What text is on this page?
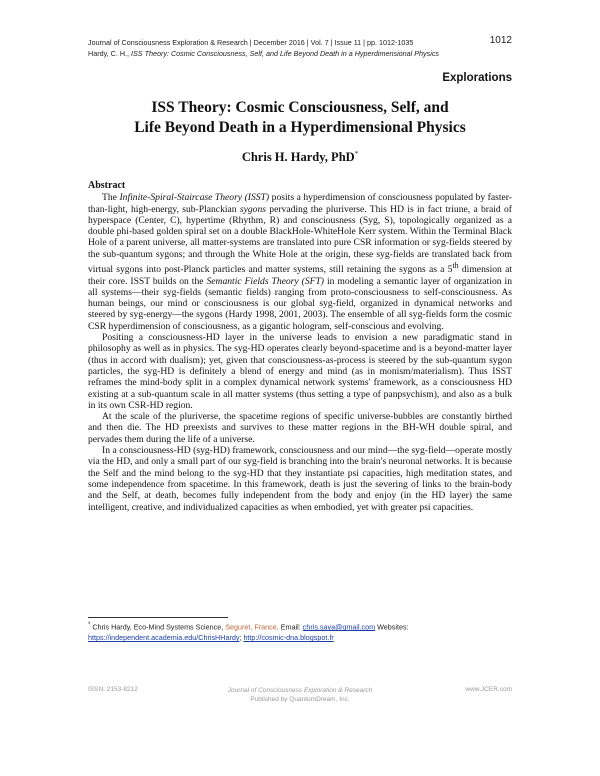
Journal of Consciousness Exploration & Research | December 2016 | Vol. 7 | Issue 11 | pp. 1012-1035
Hardy, C. H., ISS Theory: Cosmic Consciousness, Self, and Life Beyond Death in a Hyperdimensional Physics
1012
Explorations
ISS Theory: Cosmic Consciousness, Self, and
Life Beyond Death in a Hyperdimensional Physics
Chris H. Hardy, PhD*
Abstract

The Infinite-Spiral-Staircase Theory (ISST) posits a hyperdimension of consciousness populated by faster-than-light, high-energy, sub-Planckian sygons pervading the pluriverse. This HD is in fact triune, a braid of hyperspace (Center, C), hypertime (Rhythm, R) and consciousness (Syg, S), topologically organized as a double phi-based golden spiral set on a double BlackHole-WhiteHole Kerr system. Within the Terminal Black Hole of a parent universe, all matter-systems are translated into pure CSR information or syg-fields steered by the sub-quantum sygons; and through the White Hole at the origin, these syg-fields are translated back from virtual sygons into post-Planck particles and matter systems, still retaining the sygons as a 5th dimension at their core. ISST builds on the Semantic Fields Theory (SFT) in modeling a semantic layer of organization in all systems—their syg-fields (semantic fields) ranging from proto-consciousness to self-consciousness. As human beings, our mind or consciousness is our global syg-field, organized in dynamical networks and steered by syg-energy—the sygons (Hardy 1998, 2001, 2003). The ensemble of all syg-fields form the cosmic CSR hyperdimension of consciousness, as a gigantic hologram, self-conscious and evolving.

Positing a consciousness-HD layer in the universe leads to envision a new paradigmatic stand in philosophy as well as in physics. The syg-HD operates clearly beyond-spacetime and is a beyond-matter layer (thus in accord with dualism); yet, given that consciousness-as-process is steered by the sub-quantum sygon particles, the syg-HD is definitely a blend of energy and mind (as in monism/materialism). Thus ISST reframes the mind-body split in a complex dynamical network systems' framework, as a consciousness HD existing at a sub-quantum scale in all matter systems (thus setting a type of panpsychism), and also as a bulk in its own CSR-HD region.

At the scale of the pluriverse, the spacetime regions of specific universe-bubbles are constantly birthed and then die. The HD preexists and survives to these matter regions in the BH-WH double spiral, and pervades them during the life of a universe.

In a consciousness-HD (syg-HD) framework, consciousness and our mind—the syg-field—operate mostly via the HD, and only a small part of our syg-field is branching into the brain's neuronal networks. It is because the Self and the mind belong to the syg-HD that they instantiate psi capacities, high meditation states, and some independence from spacetime. In this framework, death is just the severing of links to the brain-body and the Self, at death, becomes fully independent from the body and enjoy (in the HD layer) the same intelligent, creative, and individualized capacities as when embodied, yet with greater psi capacities.

* Chris Hardy, Eco-Mind Systems Science, Seguret, France. Email: chris.saya@gmail.com Websites:
https://independent.academia.edu/ChrisHHardy; http://cosmic-dna.blogspot.fr
ISSN: 2153-8212	Journal of Consciousness Exploration & Research
Published by QuantumDream, Inc.
www.JCER.com
